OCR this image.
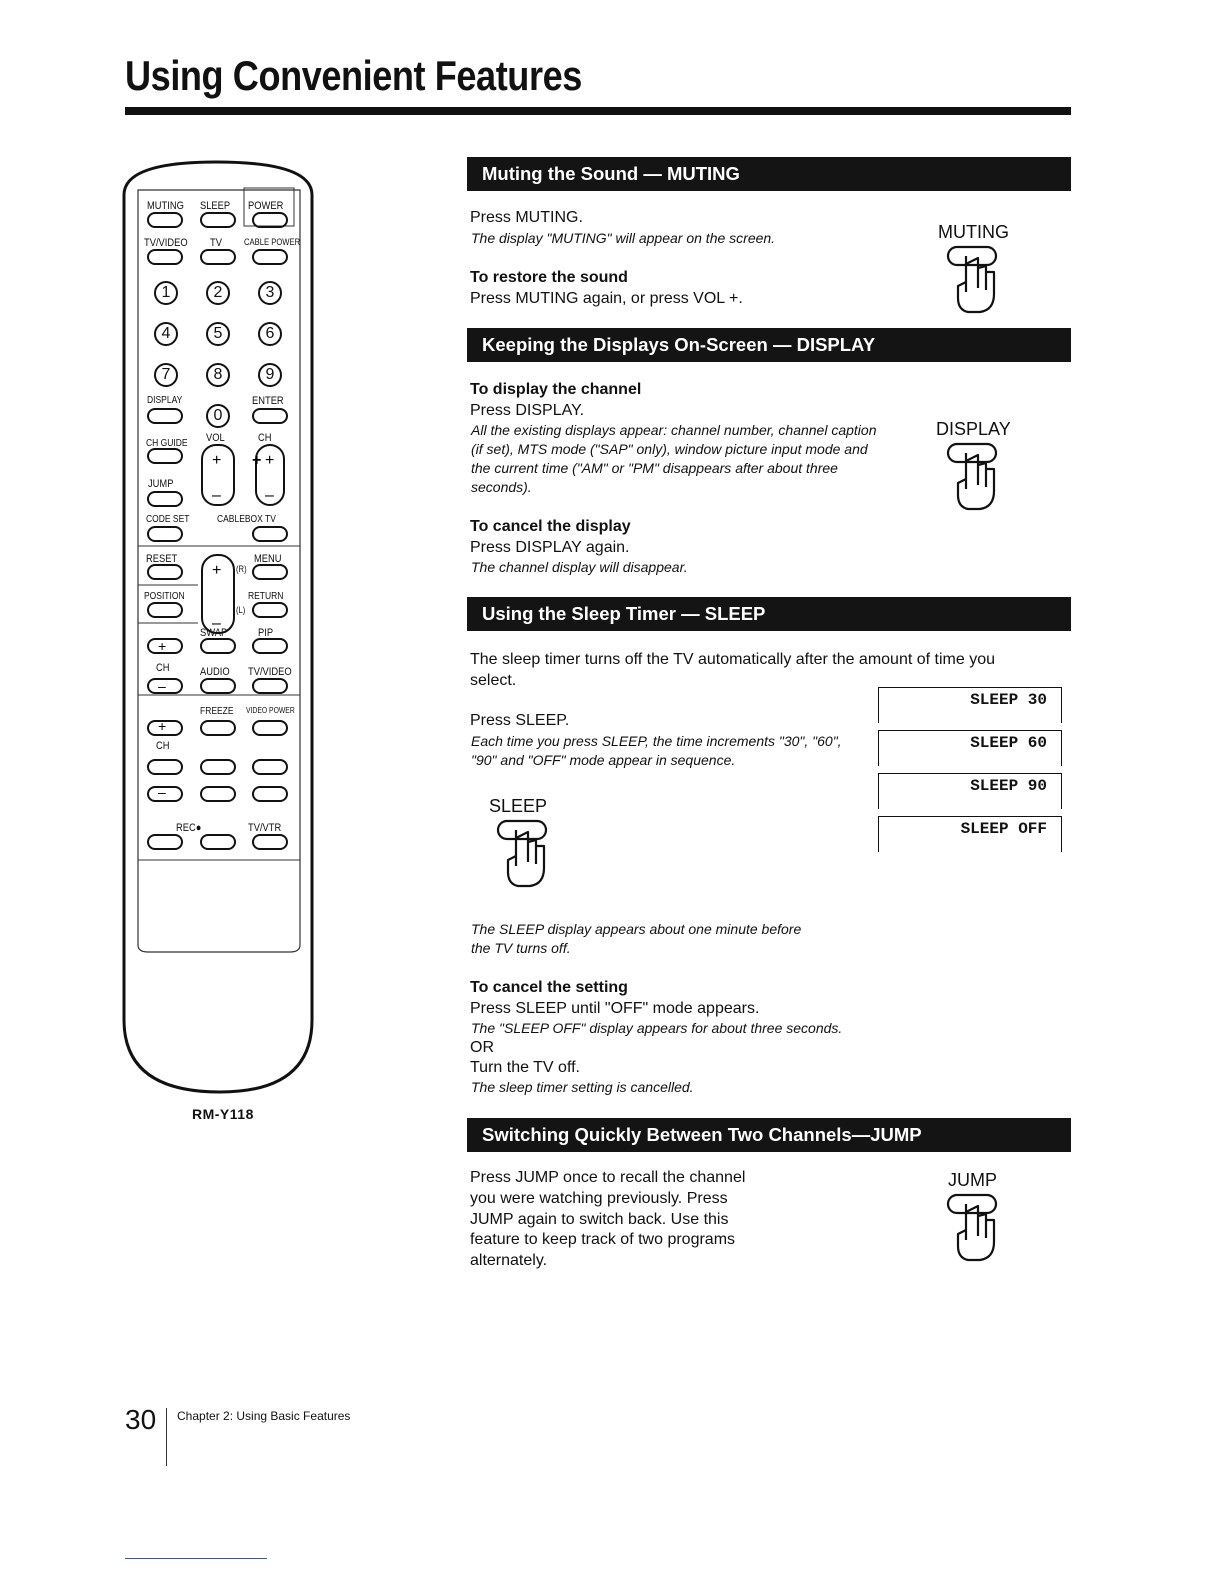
Using Convenient Features
+ +
–
+
–
+
–
+
–
–
+
MUTING SLEEP POWER
TV/VIDEO TV CABLE POWER
1	2	3
4	5	6
7	8	9
0
DISPLAY	ENTER
CH GUIDE VOL	CH
JUMP
CODE SET	CABLEBOX TV
RESET	MENU
(R)
POSITION	RETURN
(L)
SWAP	PIP
CH	AUDIO TV/VIDEO
FREEZE VIDEO POWER
CH
REC●	TV/VTR
RM-Y118
Muting the Sound — MUTING
Press MUTING.
The display "MUTING" will appear on the screen.
To restore the sound
Press MUTING again, or press VOL +.
MUTING
Keeping the Displays On-Screen — DISPLAY
To display the channel
Press DISPLAY.
All the existing displays appear: channel number, channel caption
(if set), MTS mode ("SAP" only), window picture input mode and
the current time ("AM" or "PM" disappears after about three
seconds).
To cancel the display
Press DISPLAY again.
The channel display will disappear.
DISPLAY
Using the Sleep Timer — SLEEP
The sleep timer turns off the TV automatically after the amount of time you
select.
Press SLEEP.
Each time you press SLEEP, the time increments "30", "60",
"90" and "OFF" mode appear in sequence.
SLEEP
SLEEP 30
SLEEP 60
SLEEP 90
SLEEP OFF
The SLEEP display appears about one minute before
the TV turns off.
To cancel the setting
Press SLEEP until "OFF" mode appears.
The "SLEEP OFF" display appears for about three seconds.
OR
Turn the TV off.
The sleep timer setting is cancelled.
Switching Quickly Between Two Channels—JUMP
Press JUMP once to recall the channel
you were watching previously. Press
JUMP again to switch back. Use this
feature to keep track of two programs
alternately.
JUMP
30 Chapter 2: Using Basic Features
